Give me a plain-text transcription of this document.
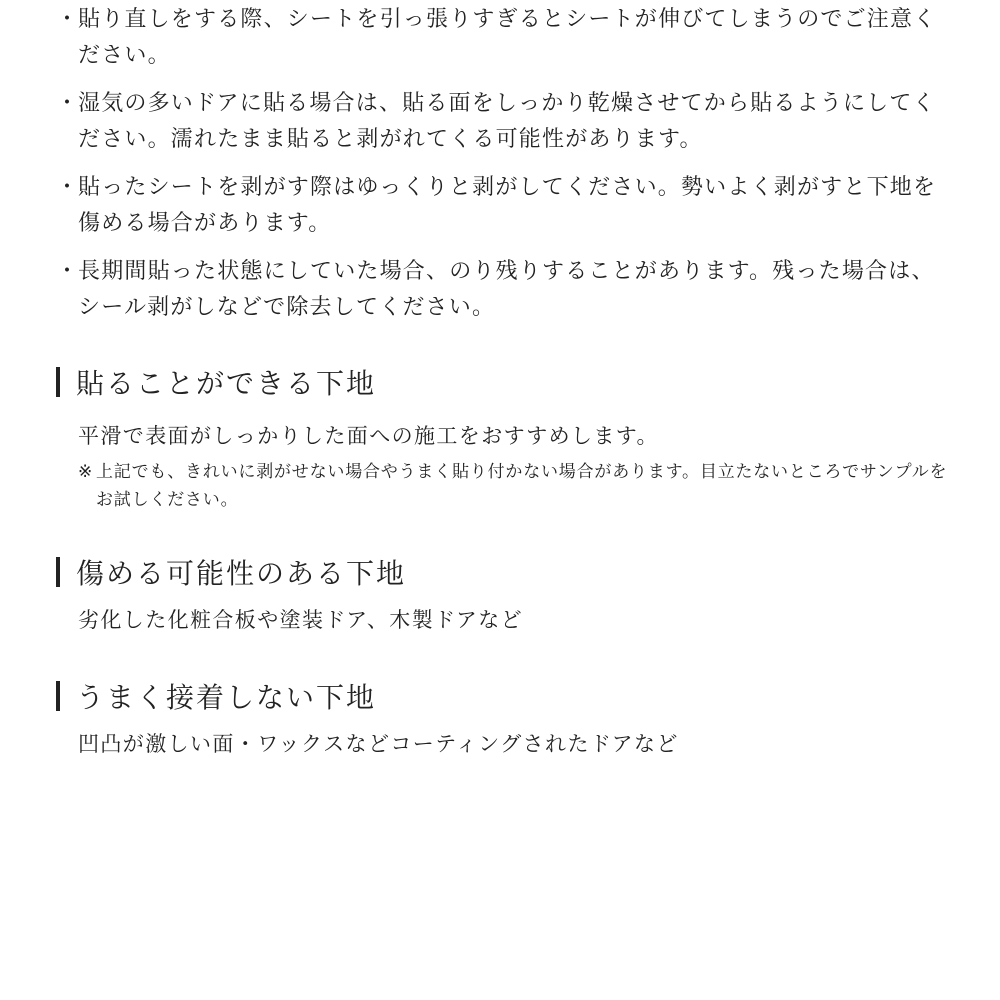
・
貼り直しをする際、シートを引っ張りすぎるとシートが伸びてしまうのでご注意ください。
・
湿気の多いドアに貼る場合は、貼る面をしっかり乾燥させてから貼るようにしてください。濡れたまま貼ると剥がれてくる可能性があります。
・
貼ったシートを剥がす際はゆっくりと剥がしてください。勢いよく剥がすと下地を傷める場合があります。
・
長期間貼った状態にしていた場合、のり残りすることがあります。残った場合は、シール剥がしなどで除去してください。
貼ることができる下地
平滑で表面がしっかりした面への施工をおすすめします。
※ 上記でも、きれいに剥がせない場合やうまく貼り付かない場合があります。目立たないところでサンプルをお試しください。
傷める可能性のある下地
劣化した化粧合板や塗装ドア、木製ドアなど
うまく接着しない下地
凹凸が激しい面・ワックスなどコーティングされたドアなど
